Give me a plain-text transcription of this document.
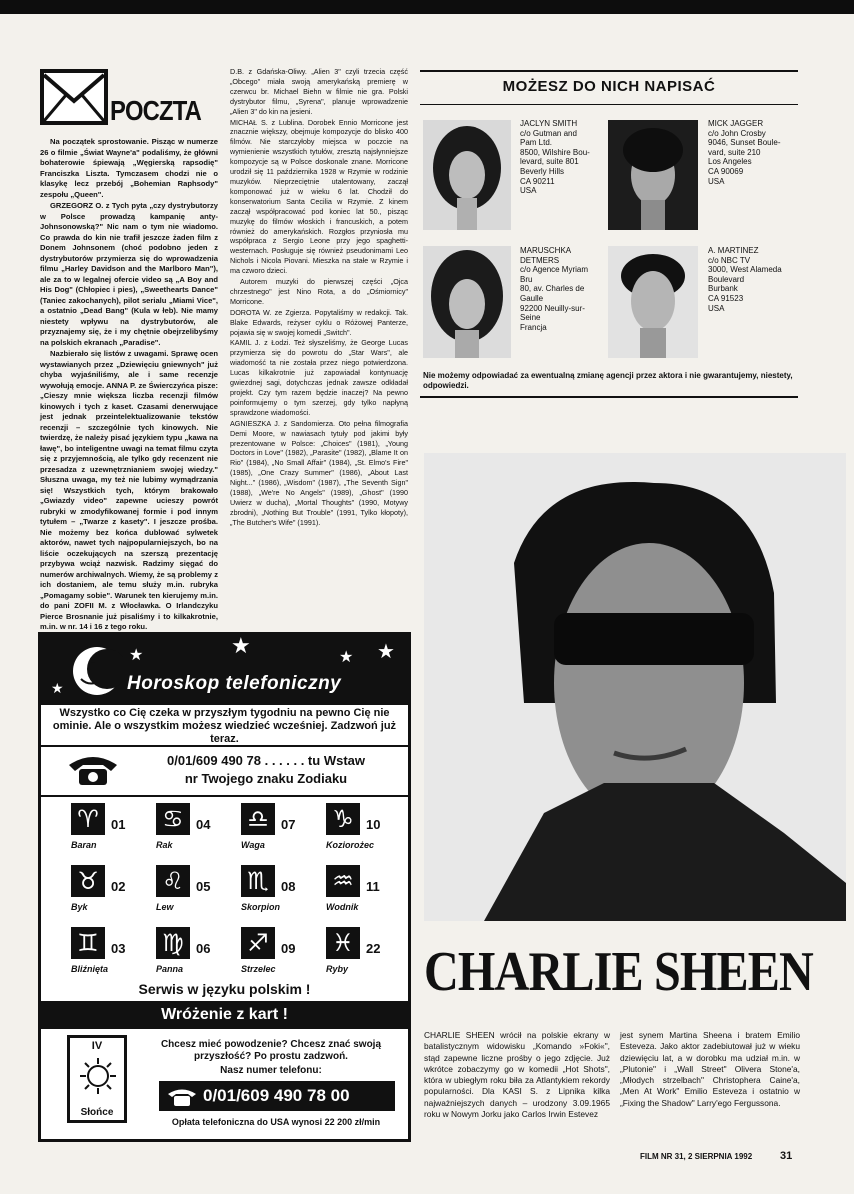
POCZTA

Na początek sprostowanie. Pisząc w numerze 26 o filmie „Świat Wayne'a" podaliśmy, że głównі bohaterowie śpiewają „Węgierską rapsodię" Franciszka Liszta. Tymczasem chodzi nie o klasykę lecz przebój „Bohemian Raphsody" zespołu „Queen".

GRZEGORZ O. z Tych pyta „czy dystrybutorzy w Polsce prowadzą kampanię anty-Johnsonowską?" Nic nam o tym nie wiadomo. Co prawda do kin nie trafił jeszcze żaden film z Donem Johnsonem (choć podobno jeden z dystrybutorów przymierza się do wprowadzenia filmu „Harley Davidson and the Marlboro Man"), ale za to w legalnej ofercie video są „A Boy and His Dog" (Chłopiec i pies), „Sweethearts Dance" (Taniec zakochanych), pilot serialu „Miami Vice", a ostatnio „Dead Bang" (Kula w łeb). Nie mamy niestety wpływu na dystrybutorów, ale przyznajemy się, że i my chętnie obejrzelibyśmy na polskich ekranach „Paradise".

Nazbierało się listów z uwagami. Sprawę ocen wystawianych przez „Dziewięciu gniewnych" już chyba wyjaśniliśmy, ale i same recenzje wywołują emocje. ANNA P. ze Świerczyńca pisze: „Cieszy mnie większa liczba recenzji filmów kinowych i tych z kaset. Czasami denerwujące jest jednak przeintelektualizowanie tekstów recenzji – szczególnie tych kinowych. Nie twierdzę, że należy pisać językiem typu „kawa na ławę", bo inteligentne uwagi na temat filmu czyta się z przyjemnością, ale tylko gdy recenzent nie przesadza z uzewnętrznianiem swojej wiedzy." Słuszna uwaga, my też nie lubimy wymądrzania się! Wszystkich tych, którym brakowało „Gwiazdy video" zapewne ucieszy powrót rubryki w zmodyfikowanej formie i pod innym tytułem – „Twarze z kasety". I jeszcze prośba. Nie możemy bez końca dublować sylwetek aktorów, nawet tych najpopularniejszych, bo na liście oczekujących na szerszą prezentację przybywa wciąż nazwisk. Radzimy sięgać do numerów archiwalnych. Wiemy, że są problemy z ich dostaniem, ale temu służy m.in. rubryka „Pomagamy sobie". Warunek ten kierujemy m.in. do pani ZOFII M. z Włocławka. O Irlandczyku Pierce Brosnanie już pisaliśmy i to kilkakrotnie, m.in. w nr. 14 i 16 z tego roku.

D.B. z Gdańska-Oliwy. „Alien 3" czyli trzecia część „Obcego" miała swoją amerykańską premierę w czerwcu br. Michael Biehn w filmie nie gra. Polski dystrybutor filmu, „Syrena", planuje wprowadzenie „Alien 3" do kin na jesieni.

MICHAŁ S. z Lublina. Dorobek Ennio Morricone jest znacznie większy, obejmuje kompozycje do blisko 400 filmów. Nie starczyłoby miejsca w poczcie na wymienienie wszystkich tytułów, zresztą najsłynniejsze kompozycje są w Polsce doskonale znane. Morricone urodził się 11 października 1928 w Rzymie w rodzinie muzyków. Nieprzeciętnie utalentowany, zaczął komponować już w wieku 6 lat. Chodził do konserwatorium Santa Cecilia w Rzymie. Z kinem zaczął współpracować pod koniec lat 50., pisząc muzykę do filmów włoskich i francuskich, a potem również do amerykańskich. Rozgłos przyniosła mu współpraca z Sergio Leone przy jego spaghetti-westernach. Posługuje się również pseudonimami Leo Nichols i Nicola Piovani. Mieszka na stałe w Rzymie i ma czworo dzieci.

Autorem muzyki do pierwszej części „Ojca chrzestnego" jest Nino Rota, a do „Ośmiornicy" Morricone.

DOROTA W. ze Zgierza. Popytaliśmy w redakcji. Tak. Blake Edwards, reżyser cyklu o Różowej Panterze, pojawia się w swojej komedii „Switch".

KAMIL J. z Łodzi. Też słyszeliśmy, że George Lucas przymierza się do powrotu do „Star Wars", ale wiadomość ta nie została przez niego potwierdzona. Lucas kilkakrotnie już zapowiadał kontynuację gwiezdnej sagi, dotychczas jednak zawsze odkładał projekt. Czy tym razem będzie inaczej? Na pewno poinformujemy o tym szerzej, gdy tylko napłyną sprawdzone wiadomości.

AGNIESZKA J. z Sandomierza. Oto pełna filmografia Demi Moore, w nawiasach tytuły pod jakimi były prezentowane w Polsce: „Choices" (1981), „Young Doctors in Love" (1982), „Parasite" (1982), „Blame It on Rio" (1984), „No Small Affair" (1984), „St. Elmo's Fire" (1985), „One Crazy Summer" (1986), „About Last Night..." (1986), „Wisdom" (1987), „The Seventh Sign" (1988), „We're No Angels" (1989), „Ghost" (1990 Uwierz w ducha), „Mortal Thoughts" (1990, Motywy zbrodni), „Nothing But Trouble" (1991, Tylko kłopoty), „The Butcher's Wife" (1991).

MOŻESZ DO NICH NAPISAĆ
JACLYN SMITH
c/o Gutman and
Pam Ltd.
8500, Wilshire Bou-
levard, suite 801
Beverly Hills
CA 90211
USA
MICK JAGGER
c/o John Crosby
9046, Sunset Boule-
vard, suite 210
Los Angeles
CA 90069
USA
MARUSCHKA
DETMERS
c/o Agence Myriam
Bru
80, av. Charles de
Gaulle
92200 Neuilly-sur-
Seine
Francja
A. MARTINEZ
c/o NBC TV
3000, West Alameda
Boulevard
Burbank
CA 91523
USA
Nie możemy odpowiadać za ewentualną zmianę agencji przez aktora i nie gwarantujemy, niestety, odpowiedzi.
★	★	★ ★
★	Horoskop telefoniczny
Wszystko co Cię czeka w przyszłym tygodniu na pewno Cię nie ominie. Ale o wszystkim możesz wiedzieć wcześniej. Zadzwoń już teraz.
0/01/609 490 78 . . . . . . tu Wstaw
nr Twojego znaku Zodiaku
♈ 01
Baran
♋ 04
Rak
♎ 07
Waga
♑ 10
Koziorożec
♉ 02
Byk
♌ 05
Lew
♏ 08
Skorpion
♒ 11
Wodnik
♊ 03
Bliźnięta
♍ 06
Panna
♐ 09
Strzelec
♓ 22
Ryby
Serwis w języku polskim !
Wróżenie z kart !
IV
Słońce
Chcesz mieć powodzenie? Chcesz znać swoją przyszłość? Po prostu zadzwoń.
Nasz numer telefonu:
0/01/609 490 78 00
Opłata telefoniczna do USA wynosi 22 200 zł/min
CHARLIE SHEEN
CHARLIE SHEEN wrócił na polskie ekrany w batalistycznym widowisku „Komando »Foki«", stąd zapewne liczne prośby o jego zdjęcie. Już wkrótce zobaczymy go w komedii „Hot Shots", która w ubiegłym roku biła za Atlantykiem rekordy popularności. Dla KASI S. z Lipnika kilka najważniejszych danych – urodzony 3.09.1965 roku w Nowym Jorku jako Carlos Irwin Estevez
jest synem Martina Sheena i bratem Emilio Esteveza. Jako aktor zadebiutował już w wieku dziewięciu lat, a w dorobku ma udział m.in. w „Plutonie" i „Wall Street" Olivera Stone'a, „Młodych strzelbach" Christophera Caine'a, „Men At Work" Emilio Esteveza i ostatnio w „Fixing the Shadow" Larry'ego Fergussona.
FILM NR 31, 2 SIERPNIA 1992	31
